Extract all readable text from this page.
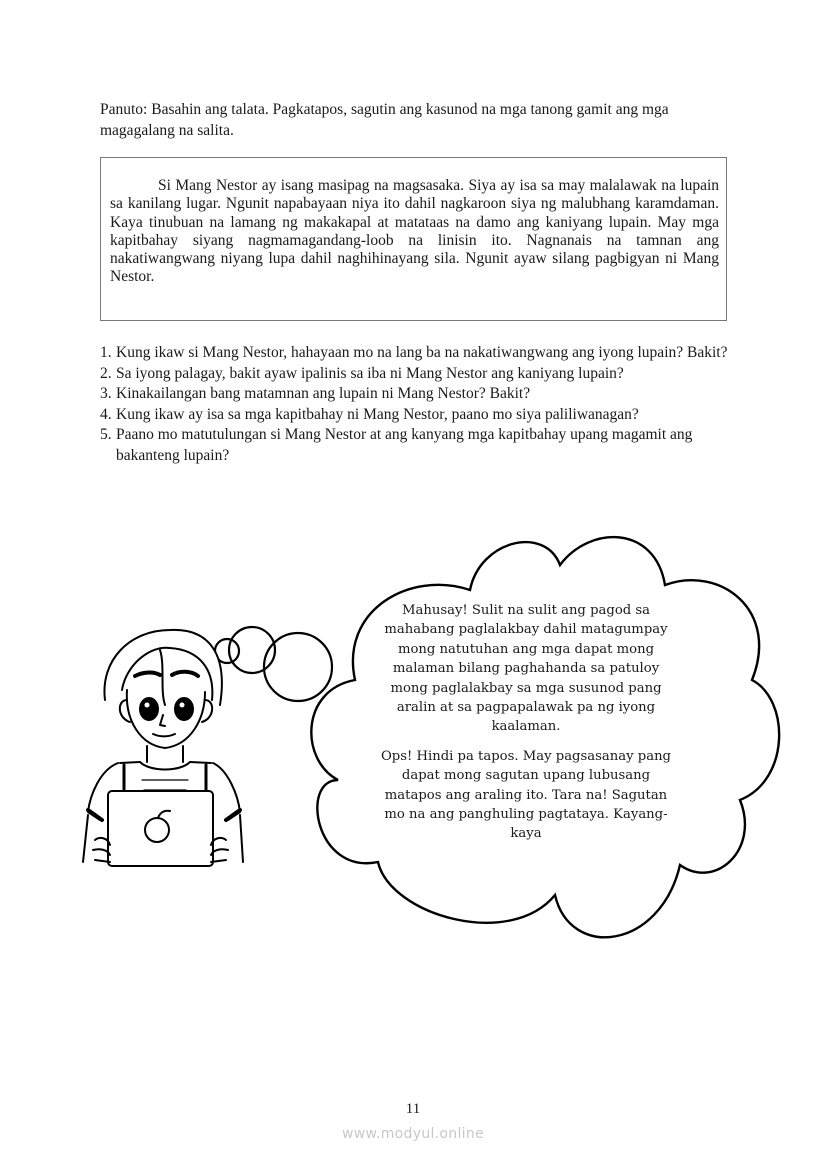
Panuto: Basahin ang talata. Pagkatapos, sagutin ang kasunod na mga tanong gamit ang mga magagalang na salita.

Si Mang Nestor ay isang masipag na magsasaka. Siya ay isa sa may malalawak na lupain sa kanilang lugar. Ngunit napabayaan niya ito dahil nagkaroon siya ng malubhang karamdaman. Kaya tinubuan na lamang ng makakapal at matataas na damo ang kaniyang lupain. May mga kapitbahay siyang nagmamagandang-loob na linisin ito. Nagnanais na tamnan ang nakatiwangwang niyang lupa dahil naghihinayang sila. Ngunit ayaw silang pagbigyan ni Mang Nestor.

1. Kung ikaw si Mang Nestor, hahayaan mo na lang ba na nakatiwangwang ang iyong lupain? Bakit?
2. Sa iyong palagay, bakit ayaw ipalinis sa iba ni Mang Nestor ang kaniyang lupain?
3. Kinakailangan bang matamnan ang lupain ni Mang Nestor? Bakit?
4. Kung ikaw ay isa sa mga kapitbahay ni Mang Nestor, paano mo siya paliliwanagan?
5. Paano mo matutulungan si Mang Nestor at ang kanyang mga kapitbahay upang magamit ang bakanteng lupain?

Mahusay! Sulit na sulit ang pagod sa mahabang paglalakbay dahil matagumpay mong natutuhan ang mga dapat mong malaman bilang paghahanda sa patuloy mong paglalakbay sa mga susunod pang aralin at sa pagpapalawak pa ng iyong kaalaman.

Ops! Hindi pa tapos. May pagsasanay pang dapat mong sagutan upang lubusang matapos ang araling ito. Tara na! Sagutan mo na ang panghuling pagtataya. Kayang-kaya

11
www.modyul.online
